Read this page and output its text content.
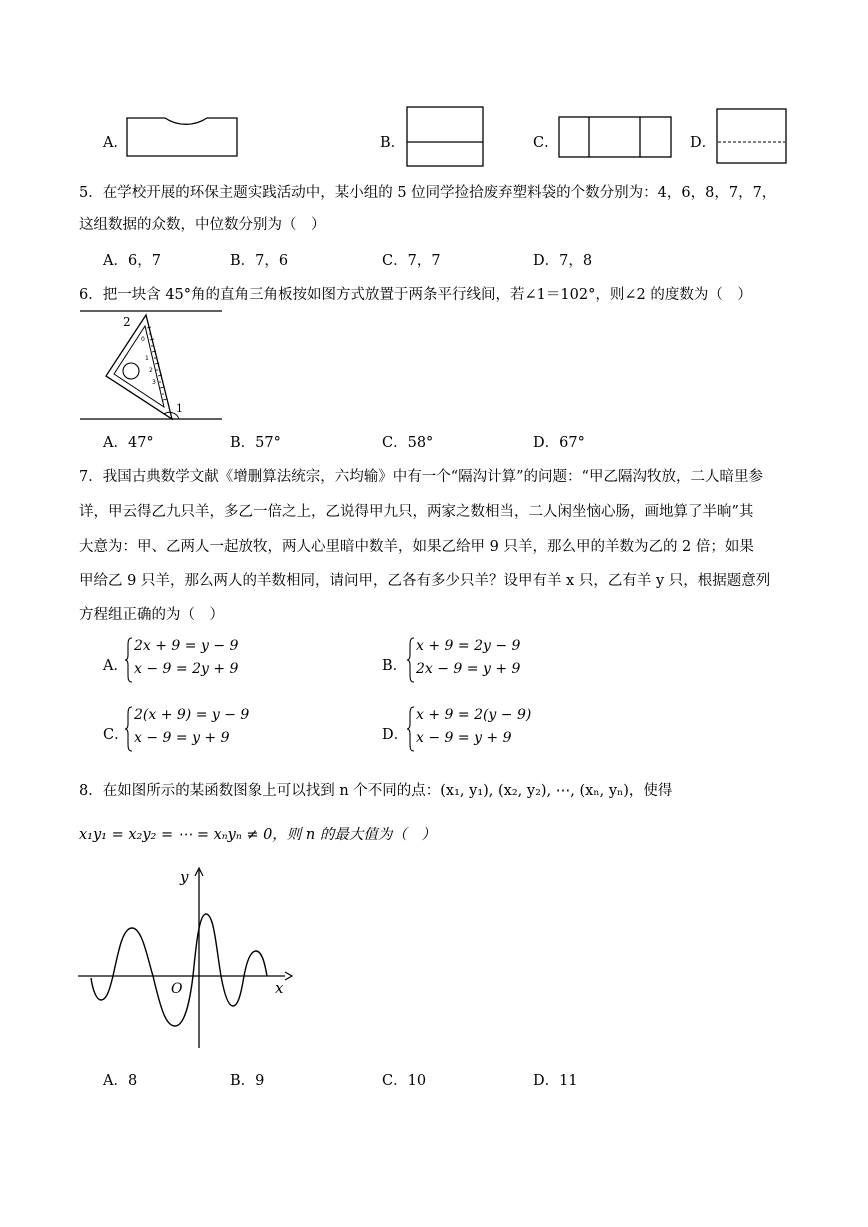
A．	B．	C．	D．
5．在学校开展的环保主题实践活动中，某小组的 5 位同学捡拾废弃塑料袋的个数分别为：4，6，8，7，7，
这组数据的众数，中位数分别为（　）
A．6，7	B．7，6	C．7，7	D．7，8
6．把一块含 45°角的直角三角板按如图方式放置于两条平行线间，若∠1＝102°，则∠2 的度数为（　）
0
1
2
3
2
1
A．47°	B．57°	C．58°	D．67°
7．我国古典数学文献《增删算法统宗，六均输》中有一个“隔沟计算”的问题：“甲乙隔沟牧放，二人暗里参
详，甲云得乙九只羊，多乙一倍之上，乙说得甲九只，两家之数相当，二人闲坐恼心肠，画地算了半晌”其
大意为：甲、乙两人一起放牧，两人心里暗中数羊，如果乙给甲 9 只羊，那么甲的羊数为乙的 2 倍；如果
甲给乙 9 只羊，那么两人的羊数相同，请问甲，乙各有多少只羊？设甲有羊 x 只，乙有羊 y 只，根据题意列
方程组正确的为（　）
A．
2x + 9 = y − 9
x − 9 = 2y + 9	B．
x + 9 = 2y − 9
2x − 9 = y + 9
C．
2(x + 9) = y − 9
x − 9 = y + 9	D．
x + 9 = 2(y − 9)
x − 9 = y + 9
8．在如图所示的某函数图象上可以找到 n 个不同的点：(x₁, y₁), (x₂, y₂), ⋯, (xₙ, yₙ)，使得
x₁y₁ = x₂y₂ = ⋯ = xₙyₙ ≠ 0，则 n 的最大值为（　）
y
x
O
A．8	B．9	C．10	D．11
